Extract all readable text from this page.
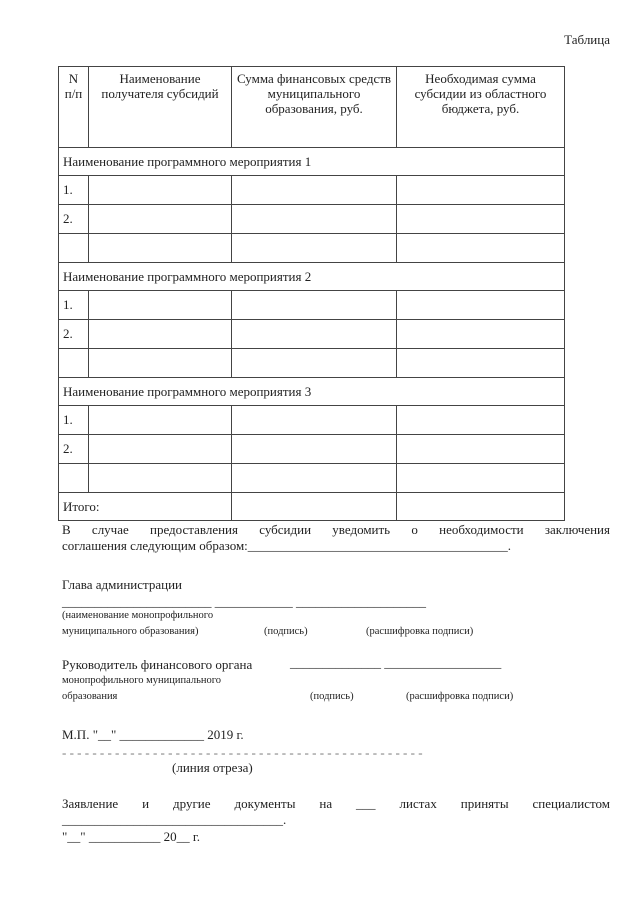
Таблица
N п/п	Наименование получателя субсидий	Сумма финансовых средств муниципального образования, руб.	Необходимая сумма субсидии из областного бюджета, руб.
Наименование программного мероприятия 1			
1.			
2.			

Наименование программного мероприятия 2			
1.			
2.			

Наименование программного мероприятия 3			
1.			
2.			

Итого:			
В случае предоставления субсидии уведомить о необходимости заключения
соглашения следующим образом:________________________________________.
Глава администрации
_______________________ ____________ ____________________
(наименование монопрофильного
муниципального образования)	(подпись)	(расшифровка подписи)
Руководитель финансового органа	______________ __________________
монопрофильного муниципального
образования	(подпись)	(расшифровка подписи)
М.П. "__" _____________ 2019 г.
- - - - - - - - - - - - - - - - - - - - - - - - - - - - - - - - - - - - - - - - - - - - - - - -
(линия отреза)
Заявление и другие документы на ___ листах приняты специалистом
__________________________________.
"__" ___________ 20__ г.
